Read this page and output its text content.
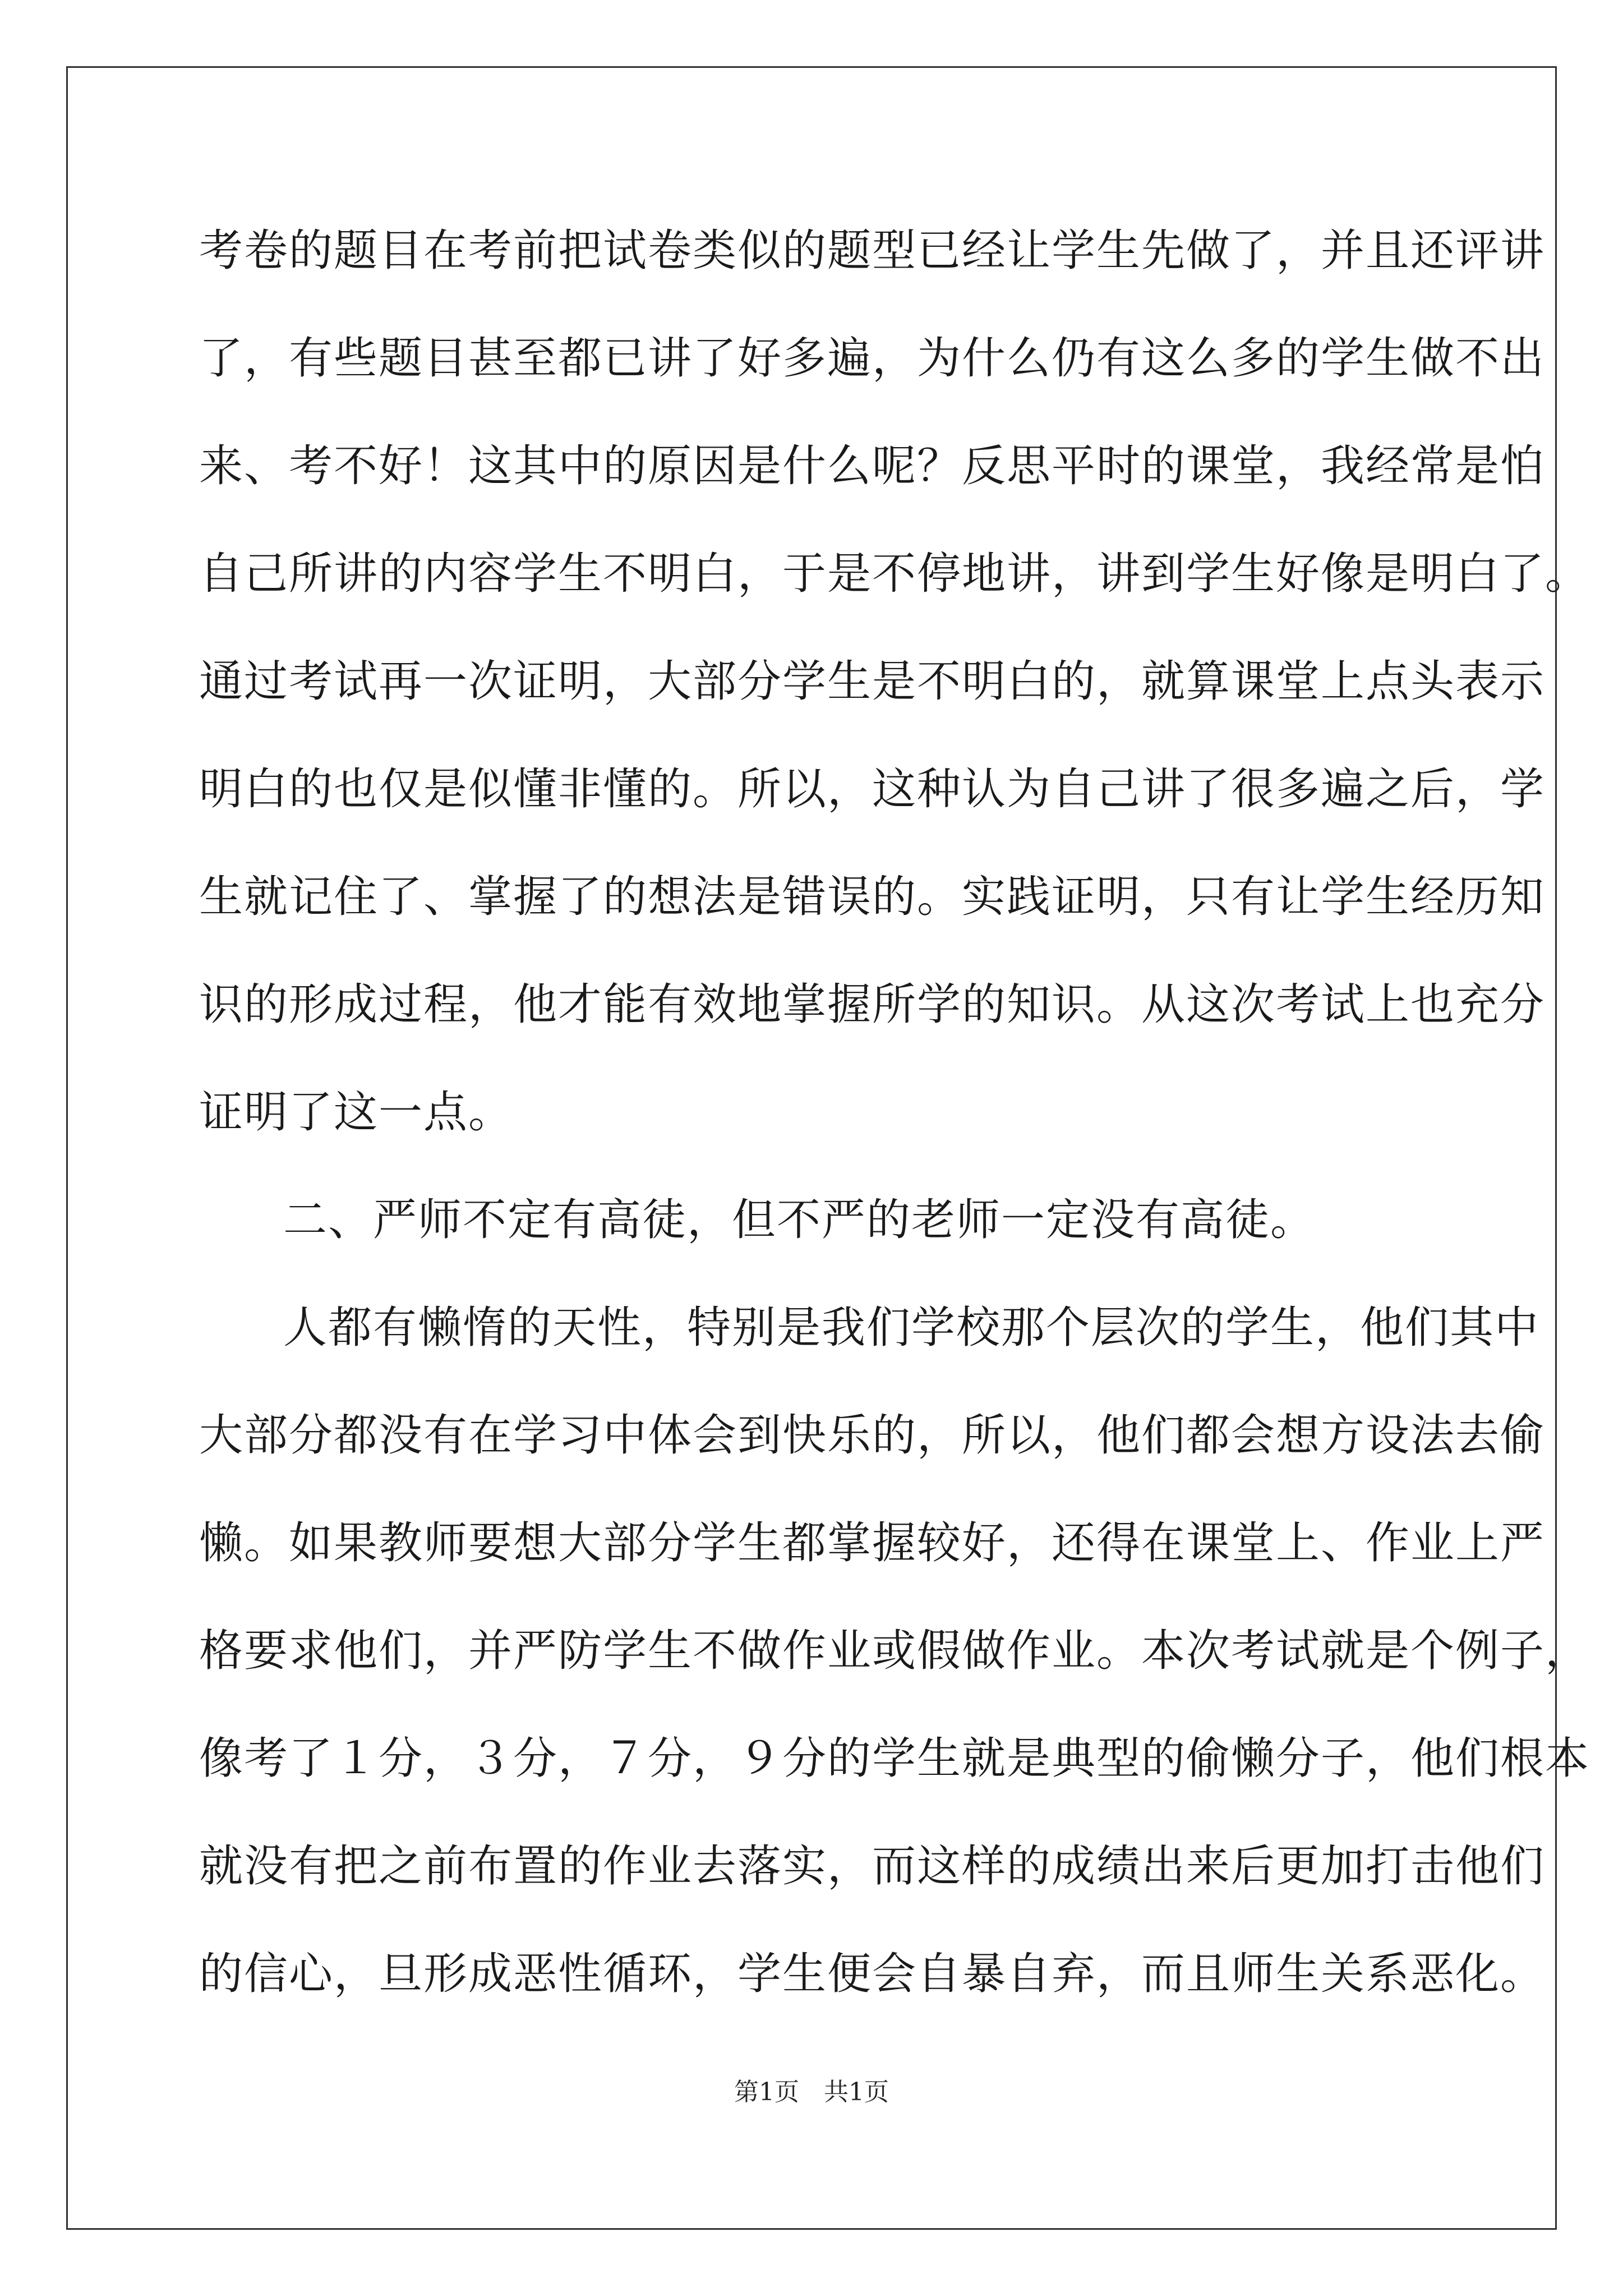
考卷的题目在考前把试卷类似的题型已经让学生先做了，并且还评讲
了，有些题目甚至都已讲了好多遍，为什么仍有这么多的学生做不出
来、考不好！这其中的原因是什么呢？反思平时的课堂，我经常是怕
自己所讲的内容学生不明白，于是不停地讲，讲到学生好像是明白了。
通过考试再一次证明，大部分学生是不明白的，就算课堂上点头表示
明白的也仅是似懂非懂的。所以，这种认为自己讲了很多遍之后，学
生就记住了、掌握了的想法是错误的。实践证明，只有让学生经历知
识的形成过程，他才能有效地掌握所学的知识。从这次考试上也充分
证明了这一点。
二、严师不定有高徒，但不严的老师一定没有高徒。
人都有懒惰的天性，特别是我们学校那个层次的学生，他们其中
大部分都没有在学习中体会到快乐的，所以，他们都会想方设法去偷
懒。如果教师要想大部分学生都掌握较好，还得在课堂上、作业上严
格要求他们，并严防学生不做作业或假做作业。本次考试就是个例子，
像考了１分，３分，７分，９分的学生就是典型的偷懒分子，他们根本
就没有把之前布置的作业去落实，而这样的成绩出来后更加打击他们
的信心，旦形成恶性循环，学生便会自暴自弃，而且师生关系恶化。
第1页　共1页
